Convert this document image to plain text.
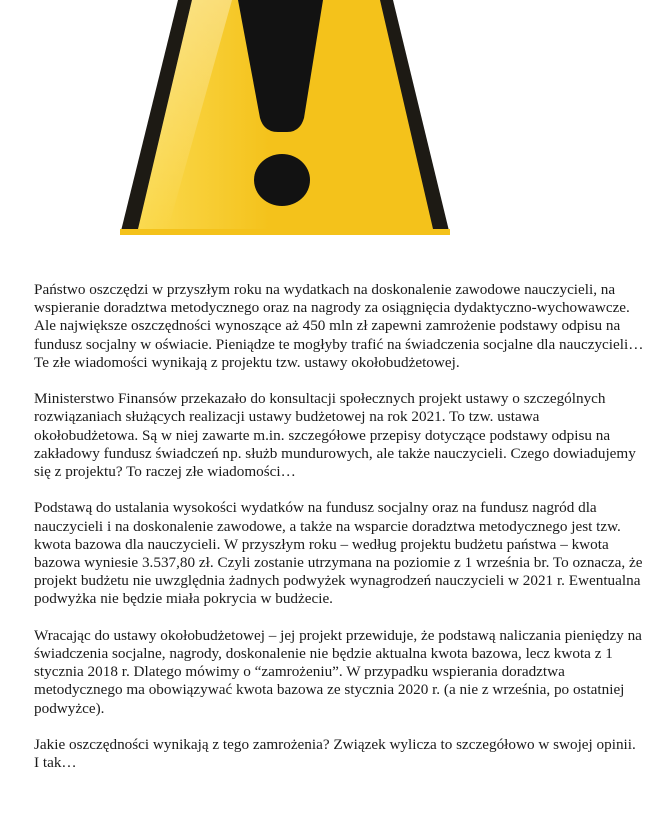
Państwo oszczędzi w przyszłym roku na wydatkach na doskonalenie zawodowe nauczycieli, na wspieranie doradztwa metodycznego oraz na nagrody za osiągnięcia dydaktyczno-wychowawcze. Ale największe oszczędności wynoszące aż 450 mln zł zapewni zamrożenie podstawy odpisu na fundusz socjalny w oświacie. Pieniądze te mogłyby trafić na świadczenia socjalne dla nauczycieli… Te złe wiadomości wynikają z projektu tzw. ustawy okołobudżetowej.

Ministerstwo Finansów przekazało do konsultacji społecznych projekt ustawy o szczególnych rozwiązaniach służących realizacji ustawy budżetowej na rok 2021. To tzw. ustawa okołobudżetowa. Są w niej zawarte m.in. szczegółowe przepisy dotyczące podstawy odpisu na zakładowy fundusz świadczeń np. służb mundurowych, ale także nauczycieli. Czego dowiadujemy się z projektu? To raczej złe wiadomości…

Podstawą do ustalania wysokości wydatków na fundusz socjalny oraz na fundusz nagród dla nauczycieli i na doskonalenie zawodowe, a także na wsparcie doradztwa metodycznego jest tzw. kwota bazowa dla nauczycieli. W przyszłym roku – według projektu budżetu państwa – kwota bazowa wyniesie 3.537,80 zł. Czyli zostanie utrzymana na poziomie z 1 września br. To oznacza, że projekt budżetu nie uwzględnia żadnych podwyżek wynagrodzeń nauczycieli w 2021 r. Ewentualna podwyżka nie będzie miała pokrycia w budżecie.

Wracając do ustawy okołobudżetowej – jej projekt przewiduje, że podstawą naliczania pieniędzy na świadczenia socjalne, nagrody, doskonalenie nie będzie aktualna kwota bazowa, lecz kwota z 1 stycznia 2018 r. Dlatego mówimy o “zamrożeniu”. W przypadku wspierania doradztwa metodycznego ma obowiązywać kwota bazowa ze stycznia 2020 r. (a nie z września, po ostatniej podwyżce).

Jakie oszczędności wynikają z tego zamrożenia? Związek wylicza to szczegółowo w swojej opinii. I tak…
